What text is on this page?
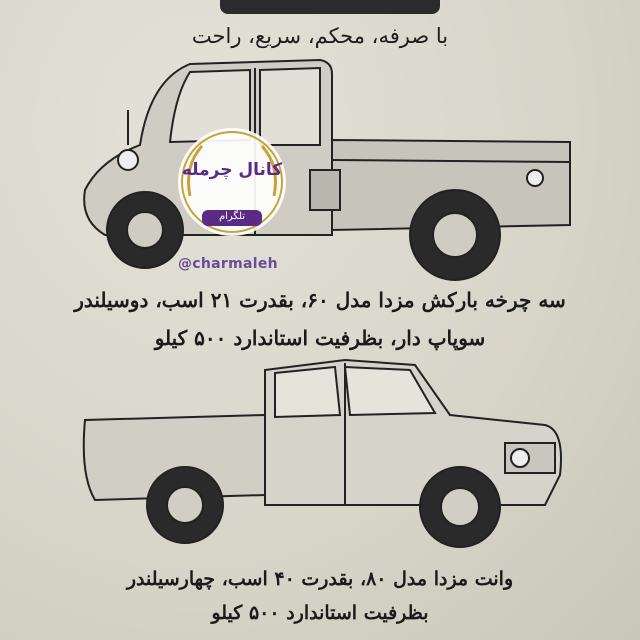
با صرفه، محکم، سریع، راحت
کانال چرمله
تلگرام
@charmaleh
سه چرخه بارکش مزدا مدل ۶۰، بقدرت ۲۱ اسب، دوسیلندر
سوپاپ دار، بظرفیت استاندارد ۵۰۰ کیلو
وانت مزدا مدل ۸۰، بقدرت ۴۰ اسب، چهارسیلندر
بظرفیت استاندارد ۵۰۰ کیلو
